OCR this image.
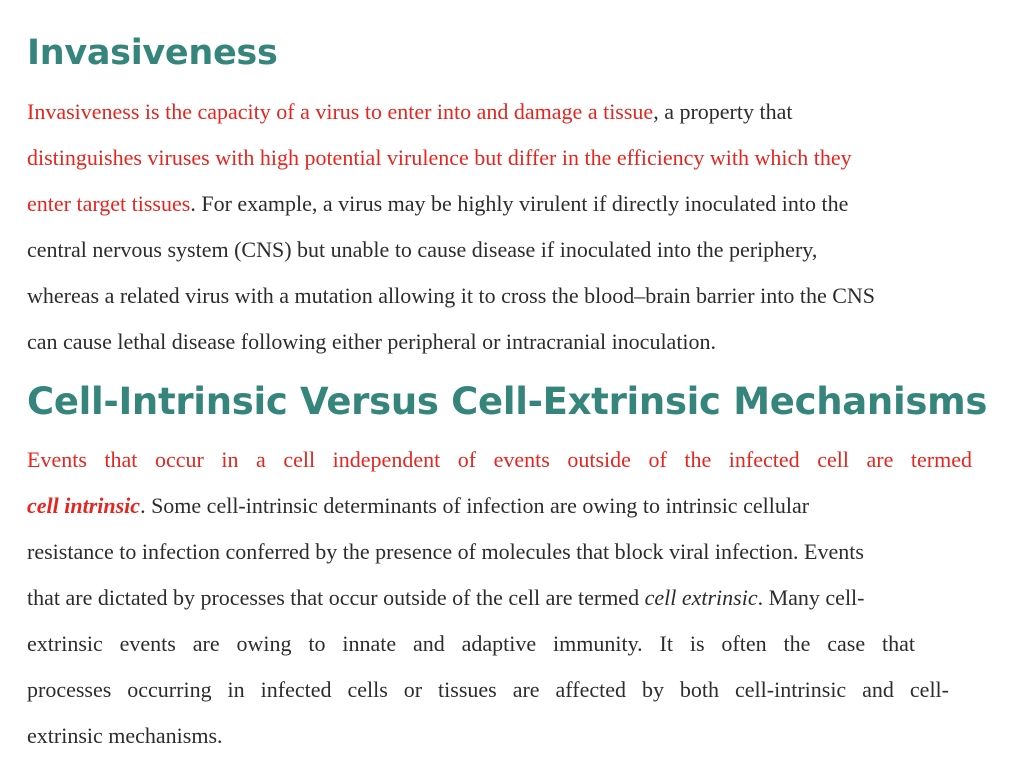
Invasiveness

Invasiveness is the capacity of a virus to enter into and damage a tissue, a property that
distinguishes viruses with high potential virulence but differ in the efficiency with which they
enter target tissues. For example, a virus may be highly virulent if directly inoculated into the
central nervous system (CNS) but unable to cause disease if inoculated into the periphery,
whereas a related virus with a mutation allowing it to cross the blood–brain barrier into the CNS
can cause lethal disease following either peripheral or intracranial inoculation.

Cell-Intrinsic Versus Cell-Extrinsic Mechanisms

Events that occur in a cell independent of events outside of the infected cell are termed
cell intrinsic. Some cell-intrinsic determinants of infection are owing to intrinsic cellular
resistance to infection conferred by the presence of molecules that block viral infection. Events
that are dictated by processes that occur outside of the cell are termed cell extrinsic. Many cell-
extrinsic events are owing to innate and adaptive immunity. It is often the case that
processes occurring in infected cells or tissues are affected by both cell-intrinsic and cell-
extrinsic mechanisms.
